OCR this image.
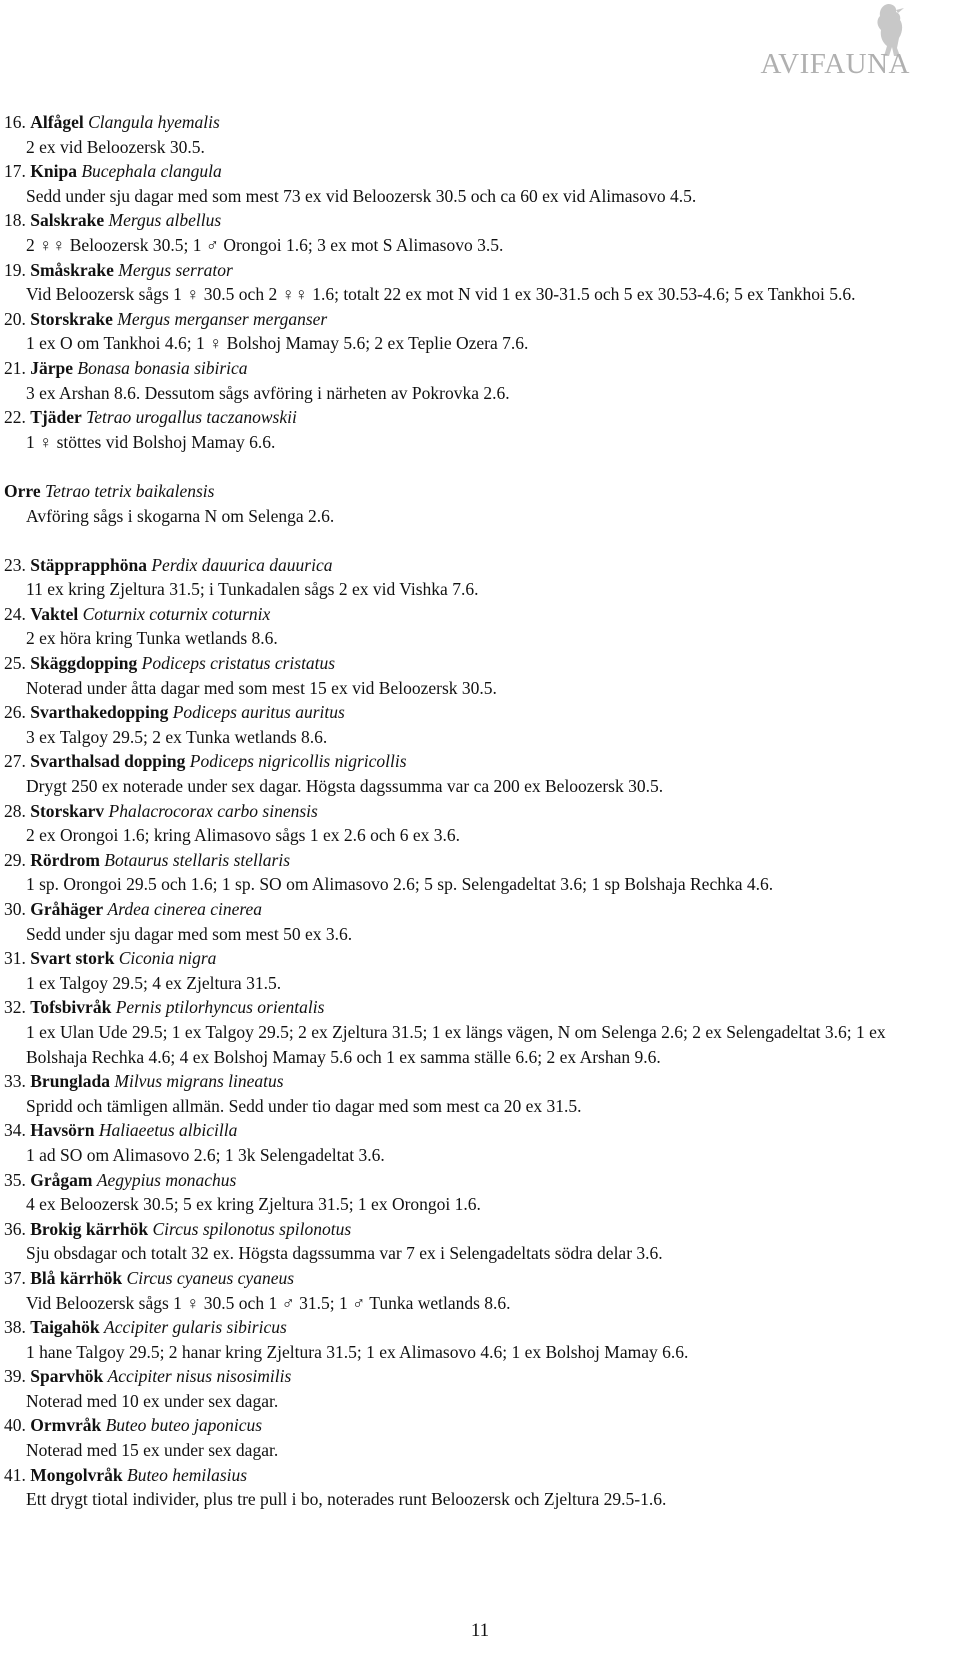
AVIFAUNA
16. Alfågel Clangula hyemalis
2 ex vid Beloozersk 30.5.
17. Knipa Bucephala clangula
Sedd under sju dagar med som mest 73 ex vid Beloozersk 30.5 och ca 60 ex vid Alimasovo 4.5.
18. Salskrake Mergus albellus
2 ♀♀ Beloozersk 30.5; 1 ♂ Orongoi 1.6; 3 ex mot S Alimasovo 3.5.
19. Småskrake Mergus serrator
Vid Beloozersk sågs 1 ♀ 30.5 och 2 ♀♀ 1.6; totalt 22 ex mot N vid 1 ex 30-31.5 och 5 ex 30.53-4.6; 5 ex Tankhoi 5.6.
20. Storskrake Mergus merganser merganser
1 ex O om Tankhoi 4.6; 1 ♀ Bolshoj Mamay 5.6; 2 ex Teplie Ozera 7.6.
21. Järpe Bonasa bonasia sibirica
3 ex Arshan 8.6. Dessutom sågs avföring i närheten av Pokrovka 2.6.
22. Tjäder Tetrao urogallus taczanowskii
1 ♀ stöttes vid Bolshoj Mamay 6.6.
Orre Tetrao tetrix baikalensis
Avföring sågs i skogarna N om Selenga 2.6.
23. Stäpprapphöna Perdix dauurica dauurica
11 ex kring Zjeltura 31.5; i Tunkadalen sågs 2 ex vid Vishka 7.6.
24. Vaktel Coturnix coturnix coturnix
2 ex höra kring Tunka wetlands 8.6.
25. Skäggdopping Podiceps cristatus cristatus
Noterad under åtta dagar med som mest 15 ex vid Beloozersk 30.5.
26. Svarthakedopping Podiceps auritus auritus
3 ex Talgoy 29.5; 2 ex Tunka wetlands 8.6.
27. Svarthalsad dopping Podiceps nigricollis nigricollis
Drygt 250 ex noterade under sex dagar. Högsta dagssumma var ca 200 ex Beloozersk 30.5.
28. Storskarv Phalacrocorax carbo sinensis
2 ex Orongoi 1.6; kring Alimasovo sågs 1 ex 2.6 och 6 ex 3.6.
29. Rördrom Botaurus stellaris stellaris
1 sp. Orongoi 29.5 och 1.6; 1 sp. SO om Alimasovo 2.6; 5 sp. Selengadeltat 3.6; 1 sp Bolshaja Rechka 4.6.
30. Gråhäger Ardea cinerea cinerea
Sedd under sju dagar med som mest 50 ex 3.6.
31. Svart stork Ciconia nigra
1 ex Talgoy 29.5; 4 ex Zjeltura 31.5.
32. Tofsbivråk Pernis ptilorhyncus orientalis
1 ex Ulan Ude 29.5; 1 ex Talgoy 29.5; 2 ex Zjeltura 31.5; 1 ex längs vägen, N om Selenga 2.6; 2 ex Selengadeltat 3.6; 1 ex Bolshaja Rechka 4.6; 4 ex Bolshoj Mamay 5.6 och 1 ex samma ställe 6.6; 2 ex Arshan 9.6.
33. Brunglada Milvus migrans lineatus
Spridd och tämligen allmän. Sedd under tio dagar med som mest ca 20 ex 31.5.
34. Havsörn Haliaeetus albicilla
1 ad SO om Alimasovo 2.6; 1 3k Selengadeltat 3.6.
35. Grågam Aegypius monachus
4 ex Beloozersk 30.5; 5 ex kring Zjeltura 31.5; 1 ex Orongoi 1.6.
36. Brokig kärrhök Circus spilonotus spilonotus
Sju obsdagar och totalt 32 ex. Högsta dagssumma var 7 ex i Selengadeltats södra delar 3.6.
37. Blå kärrhök Circus cyaneus cyaneus
Vid Beloozersk sågs 1 ♀ 30.5 och 1 ♂ 31.5; 1 ♂ Tunka wetlands 8.6.
38. Taigahök Accipiter gularis sibiricus
1 hane Talgoy 29.5; 2 hanar kring Zjeltura 31.5; 1 ex Alimasovo 4.6; 1 ex Bolshoj Mamay 6.6.
39. Sparvhök Accipiter nisus nisosimilis
Noterad med 10 ex under sex dagar.
40. Ormvråk Buteo buteo japonicus
Noterad med 15 ex under sex dagar.
41. Mongolvråk Buteo hemilasius
Ett drygt tiotal individer, plus tre pull i bo, noterades runt Beloozersk och Zjeltura 29.5-1.6.
11
